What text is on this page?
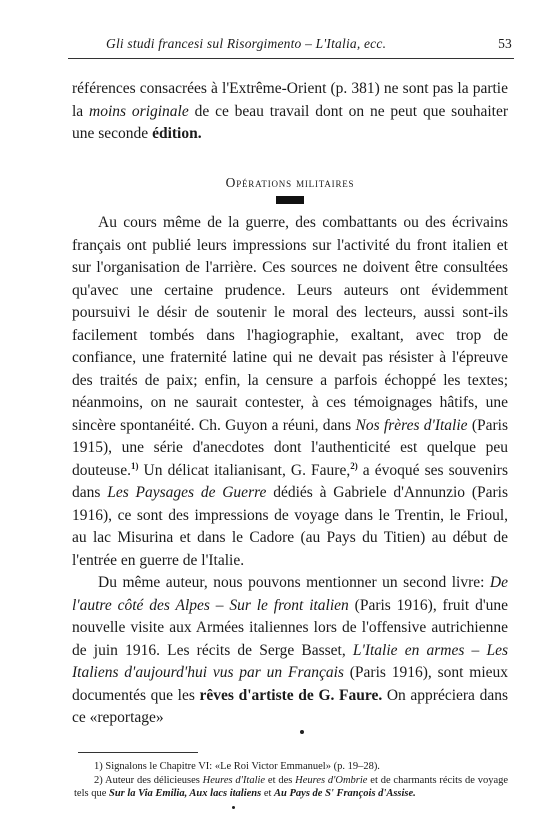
Gli studi francesi sul Risorgimento – L'Italia, ecc.	53

références consacrées à l'Extrême-Orient (p. 381) ne sont pas la partie la moins originale de ce beau travail dont on ne peut que souhaiter une seconde édition.

Opérations militaires

Au cours même de la guerre, des combattants ou des écrivains français ont publié leurs impressions sur l'activité du front italien et sur l'organisation de l'arrière. Ces sources ne doivent être consultées qu'avec une certaine prudence. Leurs auteurs ont évidemment poursuivi le désir de soutenir le moral des lecteurs, aussi sont-ils facilement tombés dans l'hagiographie, exaltant, avec trop de confiance, une fraternité latine qui ne devait pas résister à l'épreuve des traités de paix; enfin, la censure a parfois échoppé les textes; néanmoins, on ne saurait contester, à ces témoignages hâtifs, une sincère spontanéité. Ch. Guyon a réuni, dans Nos frères d'Italie (Paris 1915), une série d'anecdotes dont l'authenticité est quelque peu douteuse.$^{1)}$ Un délicat italianisant, G. Faure,$^{2)}$ a évoqué ses souvenirs dans Les Paysages de Guerre dédiés à Gabriele d'Annunzio (Paris 1916), ce sont des impressions de voyage dans le Trentin, le Frioul, au lac Misurina et dans le Cadore (au Pays du Titien) au début de l'entrée en guerre de l'Italie.

Du même auteur, nous pouvons mentionner un second livre: De l'autre côté des Alpes – Sur le front italien (Paris 1916), fruit d'une nouvelle visite aux Armées italiennes lors de l'offensive autrichienne de juin 1916. Les récits de Serge Basset, L'Italie en armes – Les Italiens d'aujourd'hui vus par un Français (Paris 1916), sont mieux documentés que les rêves d'artiste de G. Faure. On appréciera dans ce «reportage»

1) Signalons le Chapitre VI: «Le Roi Victor Emmanuel» (p. 19–28).

2) Auteur des délicieuses Heures d'Italie et des Heures d'Ombrie et de charmants récits de voyage tels que Sur la Via Emilia, Aux lacs italiens et Au Pays de S' François d'Assise.
